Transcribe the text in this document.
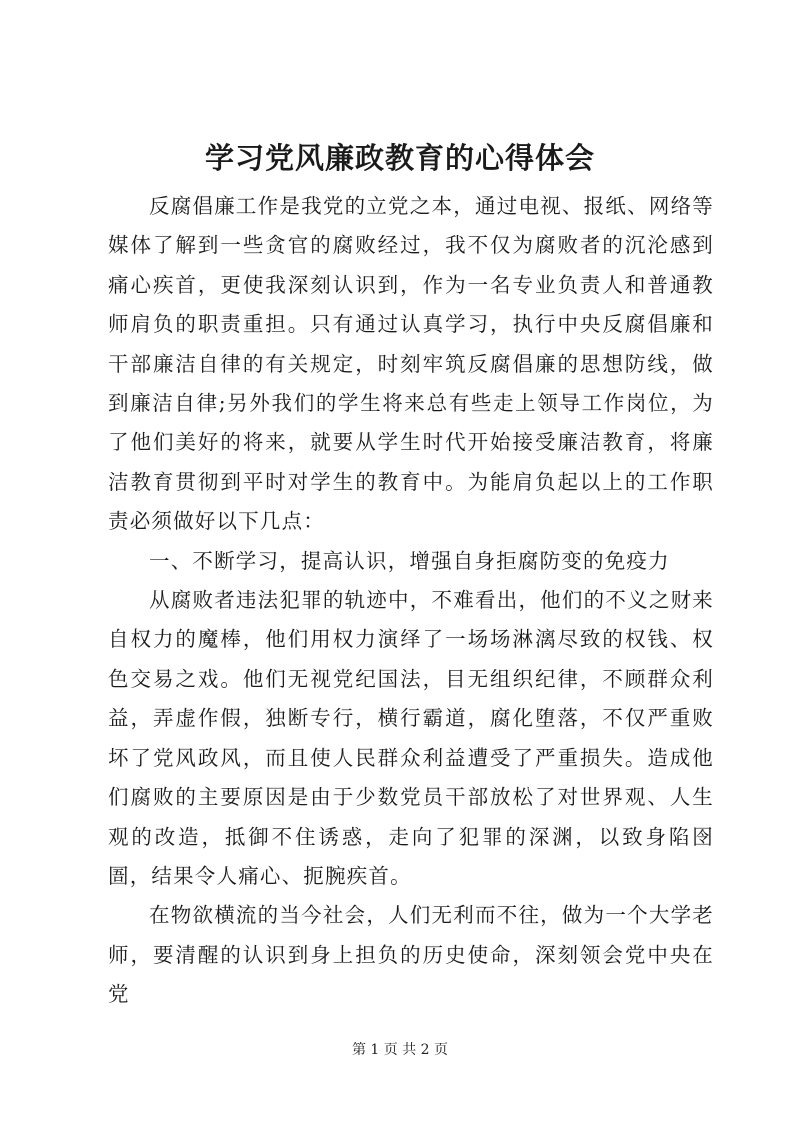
学习党风廉政教育的心得体会

反腐倡廉工作是我党的立党之本，通过电视、报纸、网络等媒体了解到一些贪官的腐败经过，我不仅为腐败者的沉沦感到痛心疾首，更使我深刻认识到，作为一名专业负责人和普通教师肩负的职责重担。只有通过认真学习，执行中央反腐倡廉和干部廉洁自律的有关规定，时刻牢筑反腐倡廉的思想防线，做到廉洁自律;另外我们的学生将来总有些走上领导工作岗位，为了他们美好的将来，就要从学生时代开始接受廉洁教育，将廉洁教育贯彻到平时对学生的教育中。为能肩负起以上的工作职责必须做好以下几点：

一、不断学习，提高认识，增强自身拒腐防变的免疫力

从腐败者违法犯罪的轨迹中，不难看出，他们的不义之财来自权力的魔棒，他们用权力演绎了一场场淋漓尽致的权钱、权色交易之戏。他们无视党纪国法，目无组织纪律，不顾群众利益，弄虚作假，独断专行，横行霸道，腐化堕落，不仅严重败坏了党风政风，而且使人民群众利益遭受了严重损失。造成他们腐败的主要原因是由于少数党员干部放松了对世界观、人生观的改造，抵御不住诱惑，走向了犯罪的深渊，以致身陷囹圄，结果令人痛心、扼腕疾首。

在物欲横流的当今社会，人们无利而不往，做为一个大学老师，要清醒的认识到身上担负的历史使命，深刻领会党中央在党

第 1 页 共 2 页
